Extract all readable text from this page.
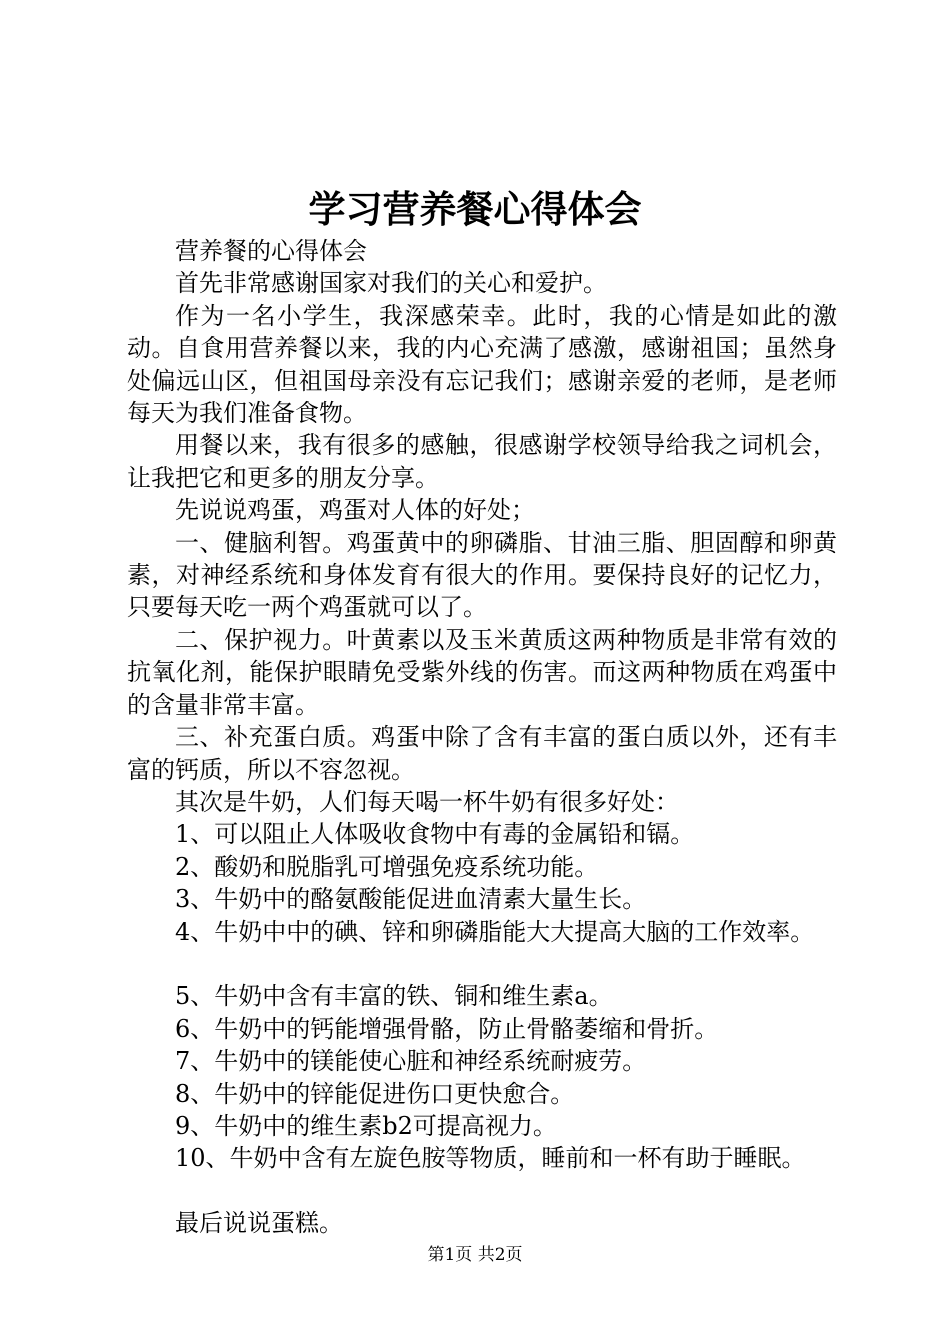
学习营养餐心得体会

营养餐的心得体会

首先非常感谢国家对我们的关心和爱护。

作为一名小学生，我深感荣幸。此时，我的心情是如此的激动。自食用营养餐以来，我的内心充满了感激，感谢祖国；虽然身处偏远山区，但祖国母亲没有忘记我们；感谢亲爱的老师，是老师每天为我们准备食物。

用餐以来，我有很多的感触，很感谢学校领导给我之词机会，让我把它和更多的朋友分享。

先说说鸡蛋，鸡蛋对人体的好处；

一、健脑利智。鸡蛋黄中的卵磷脂、甘油三脂、胆固醇和卵黄素，对神经系统和身体发育有很大的作用。要保持良好的记忆力，只要每天吃一两个鸡蛋就可以了。

二、保护视力。叶黄素以及玉米黄质这两种物质是非常有效的抗氧化剂，能保护眼睛免受紫外线的伤害。而这两种物质在鸡蛋中的含量非常丰富。

三、补充蛋白质。鸡蛋中除了含有丰富的蛋白质以外，还有丰富的钙质，所以不容忽视。

其次是牛奶，人们每天喝一杯牛奶有很多好处：

1、可以阻止人体吸收食物中有毒的金属铅和镉。

2、酸奶和脱脂乳可增强免疫系统功能。

3、牛奶中的酪氨酸能促进血清素大量生长。

4、牛奶中中的碘、锌和卵磷脂能大大提高大脑的工作效率。

5、牛奶中含有丰富的铁、铜和维生素a。

6、牛奶中的钙能增强骨骼，防止骨骼萎缩和骨折。

7、牛奶中的镁能使心脏和神经系统耐疲劳。

8、牛奶中的锌能促进伤口更快愈合。

9、牛奶中的维生素b2可提高视力。

10、牛奶中含有左旋色胺等物质，睡前和一杯有助于睡眠。

最后说说蛋糕。

第1页 共2页
